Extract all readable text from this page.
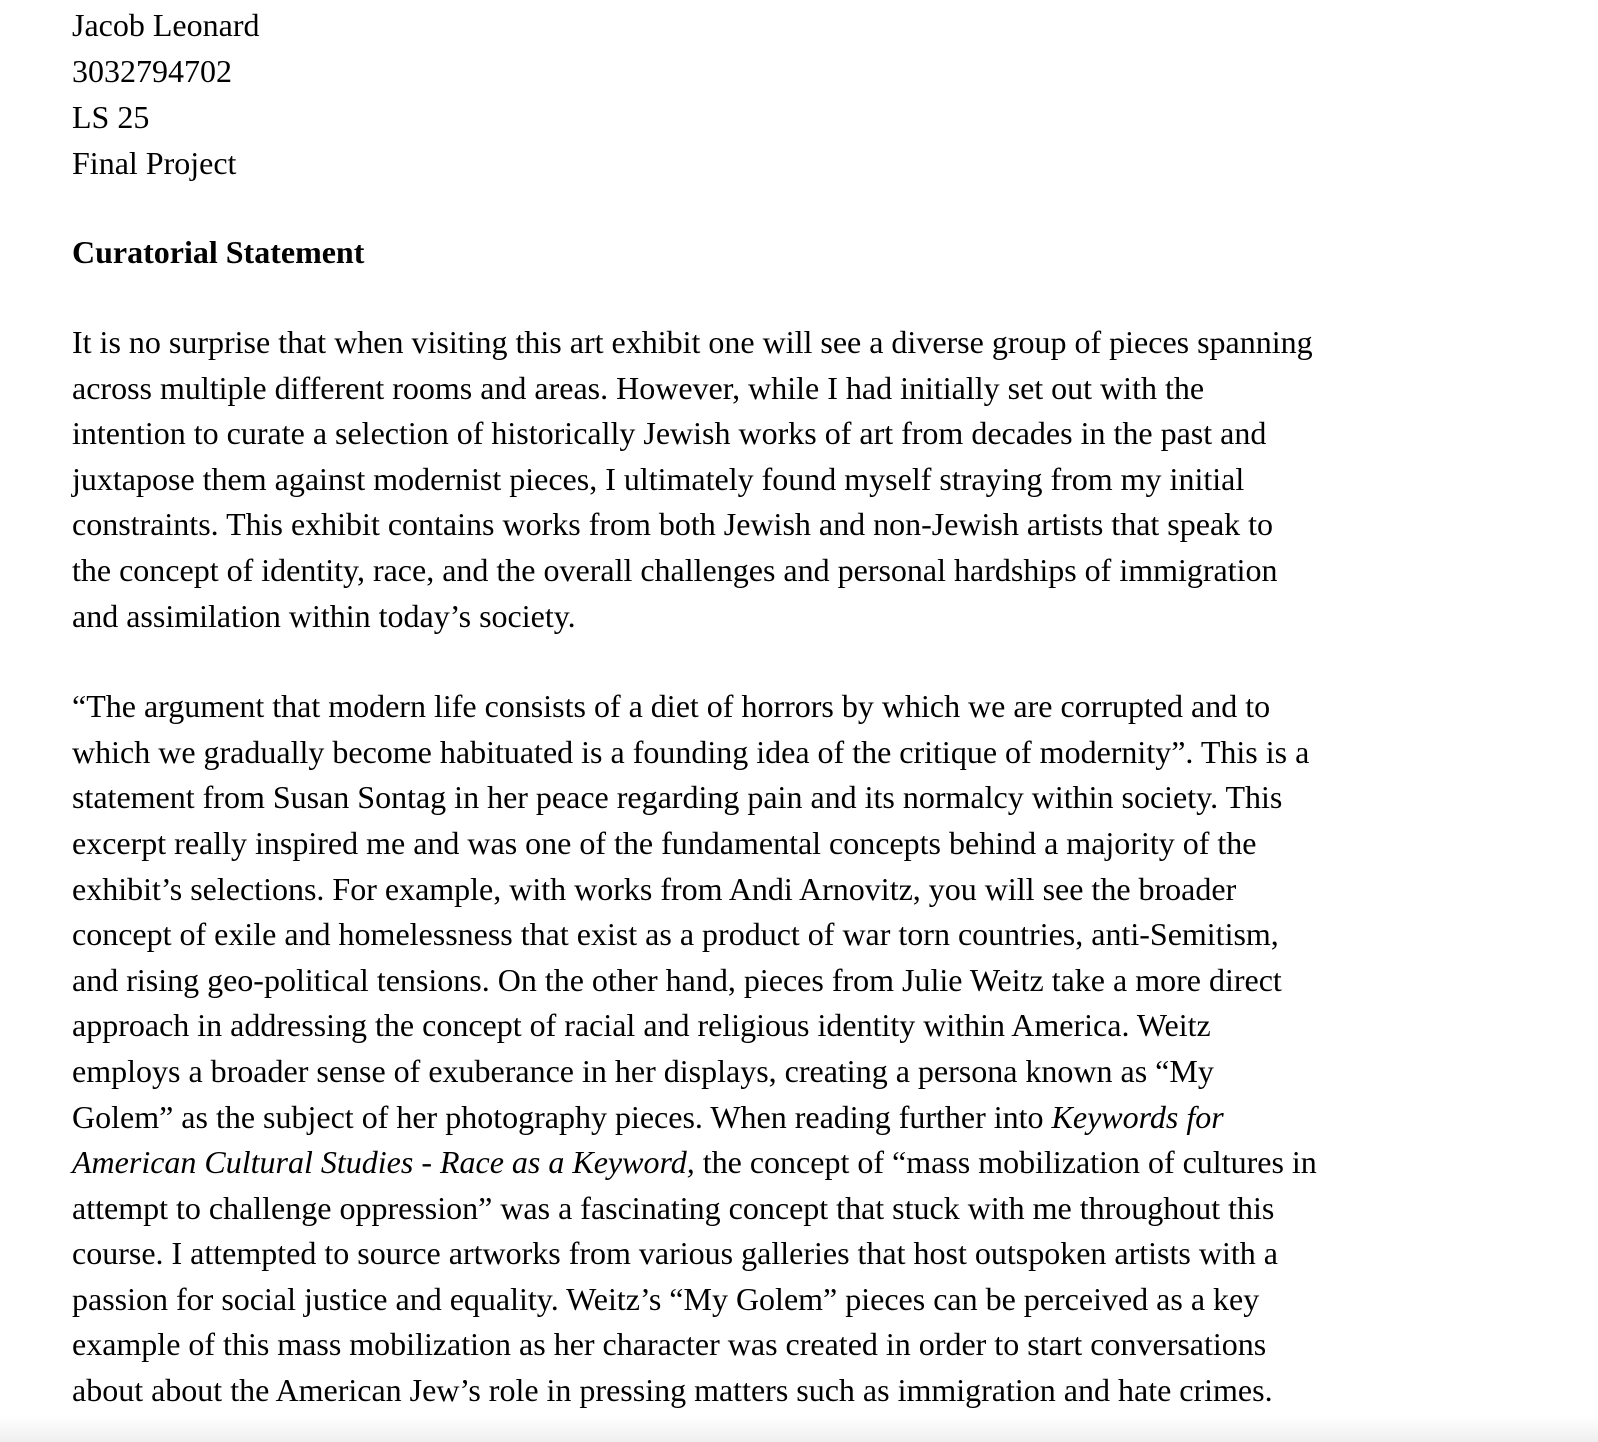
Jacob Leonard
3032794702
LS 25
Final Project
Curatorial Statement

It is no surprise that when visiting this art exhibit one will see a diverse group of pieces spanning
across multiple different rooms and areas. However, while I had initially set out with the
intention to curate a selection of historically Jewish works of art from decades in the past and
juxtapose them against modernist pieces, I ultimately found myself straying from my initial
constraints. This exhibit contains works from both Jewish and non-Jewish artists that speak to
the concept of identity, race, and the overall challenges and personal hardships of immigration
and assimilation within today’s society.

“The argument that modern life consists of a diet of horrors by which we are corrupted and to
which we gradually become habituated is a founding idea of the critique of modernity”. This is a
statement from Susan Sontag in her peace regarding pain and its normalcy within society. This
excerpt really inspired me and was one of the fundamental concepts behind a majority of the
exhibit’s selections. For example, with works from Andi Arnovitz, you will see the broader
concept of exile and homelessness that exist as a product of war torn countries, anti-Semitism,
and rising geo-political tensions. On the other hand, pieces from Julie Weitz take a more direct
approach in addressing the concept of racial and religious identity within America. Weitz
employs a broader sense of exuberance in her displays, creating a persona known as “My
Golem” as the subject of her photography pieces. When reading further into Keywords for
American Cultural Studies - Race as a Keyword, the concept of “mass mobilization of cultures in
attempt to challenge oppression” was a fascinating concept that stuck with me throughout this
course. I attempted to source artworks from various galleries that host outspoken artists with a
passion for social justice and equality. Weitz’s “My Golem” pieces can be perceived as a key
example of this mass mobilization as her character was created in order to start conversations
about about the American Jew’s role in pressing matters such as immigration and hate crimes.
